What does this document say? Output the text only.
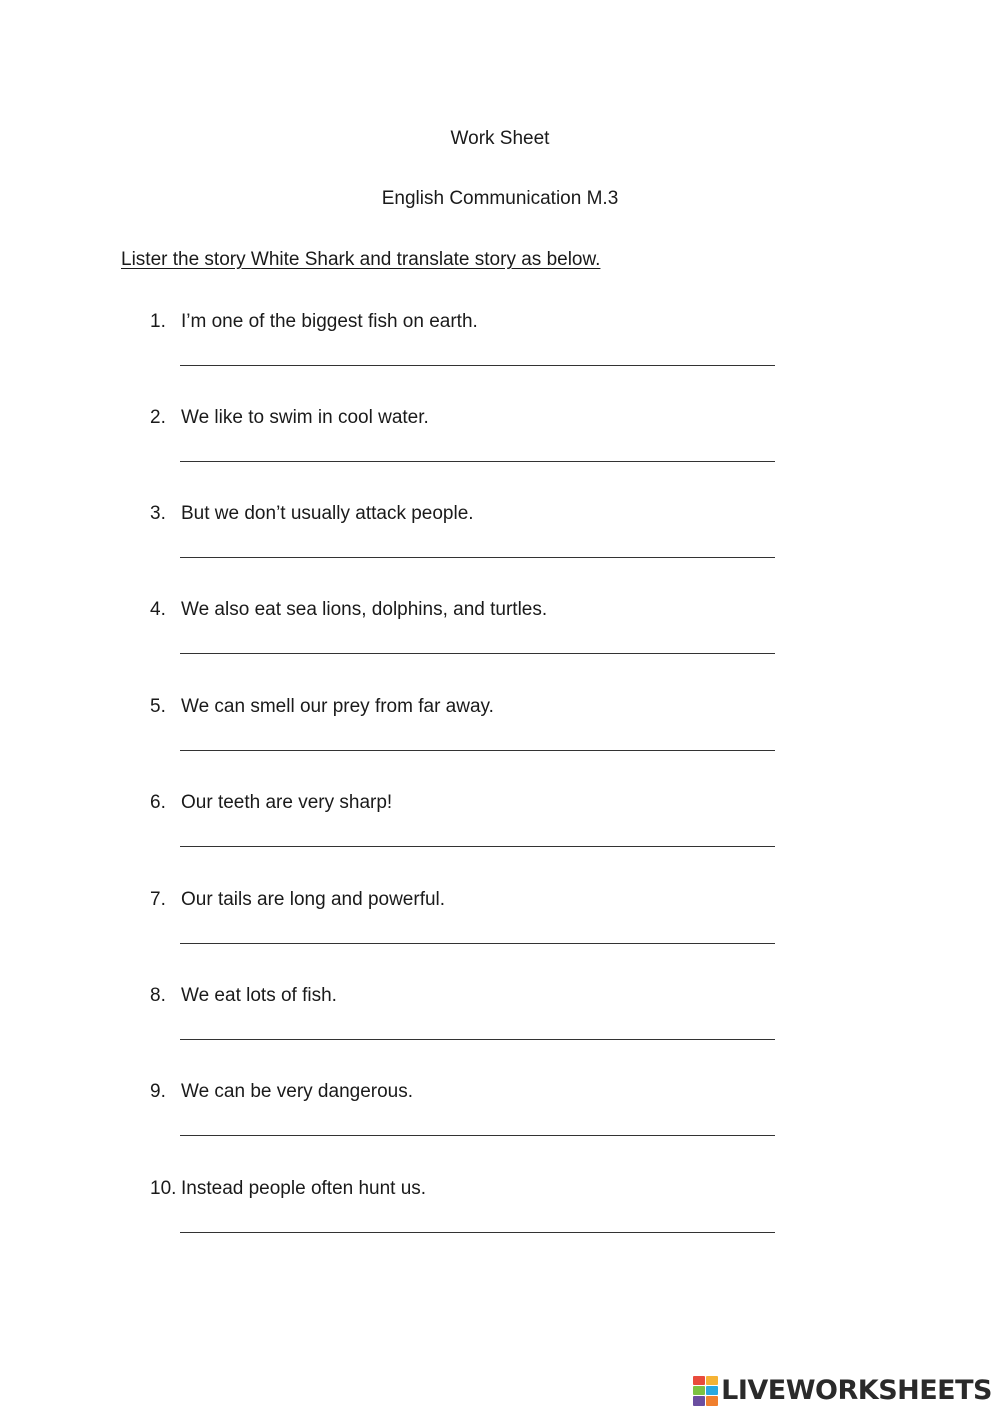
Work Sheet
English Communication M.3
Lister the story White Shark and translate story as below.
1. I’m one of the biggest fish on earth.
2. We like to swim in cool water.
3. But we don’t usually attack people.
4. We also eat sea lions, dolphins, and turtles.
5. We can smell our prey from far away.
6. Our teeth are very sharp!
7. Our tails are long and powerful.
8. We eat lots of fish.
9. We can be very dangerous.
10. Instead people often hunt us.
LIVEWORKSHEETS
